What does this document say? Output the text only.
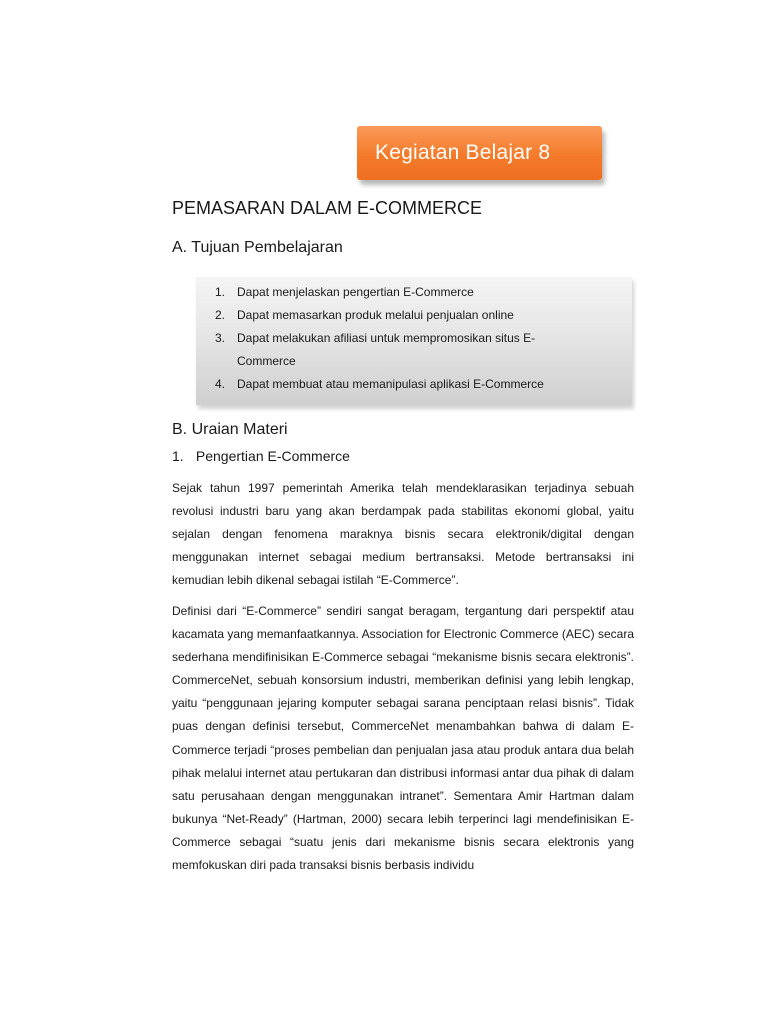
Kegiatan Belajar 8
PEMASARAN DALAM E-COMMERCE
A. Tujuan Pembelajaran
1. Dapat menjelaskan pengertian E-Commerce
2. Dapat memasarkan produk melalui penjualan online
3. Dapat melakukan afiliasi untuk mempromosikan situs E-Commerce
4. Dapat membuat atau memanipulasi aplikasi E-Commerce
B. Uraian Materi
1. Pengertian E-Commerce

Sejak tahun 1997 pemerintah Amerika telah mendeklarasikan terjadinya sebuah revolusi industri baru yang akan berdampak pada stabilitas ekonomi global, yaitu sejalan dengan fenomena maraknya bisnis secara elektronik/digital dengan menggunakan internet sebagai medium bertransaksi. Metode bertransaksi ini kemudian lebih dikenal sebagai istilah “E-Commerce”.

Definisi dari “E-Commerce” sendiri sangat beragam, tergantung dari perspektif atau kacamata yang memanfaatkannya. Association for Electronic Commerce (AEC) secara sederhana mendifinisikan E-Commerce sebagai “mekanisme bisnis secara elektronis”. CommerceNet, sebuah konsorsium industri, memberikan definisi yang lebih lengkap, yaitu “penggunaan jejaring komputer sebagai sarana penciptaan relasi bisnis”. Tidak puas dengan definisi tersebut, CommerceNet menambahkan bahwa di dalam E-Commerce terjadi “proses pembelian dan penjualan jasa atau produk antara dua belah pihak melalui internet atau pertukaran dan distribusi informasi antar dua pihak di dalam satu perusahaan dengan menggunakan intranet”. Sementara Amir Hartman dalam bukunya “Net-Ready” (Hartman, 2000) secara lebih terperinci lagi mendefinisikan E-Commerce sebagai “suatu jenis dari mekanisme bisnis secara elektronis yang memfokuskan diri pada transaksi bisnis berbasis individu
